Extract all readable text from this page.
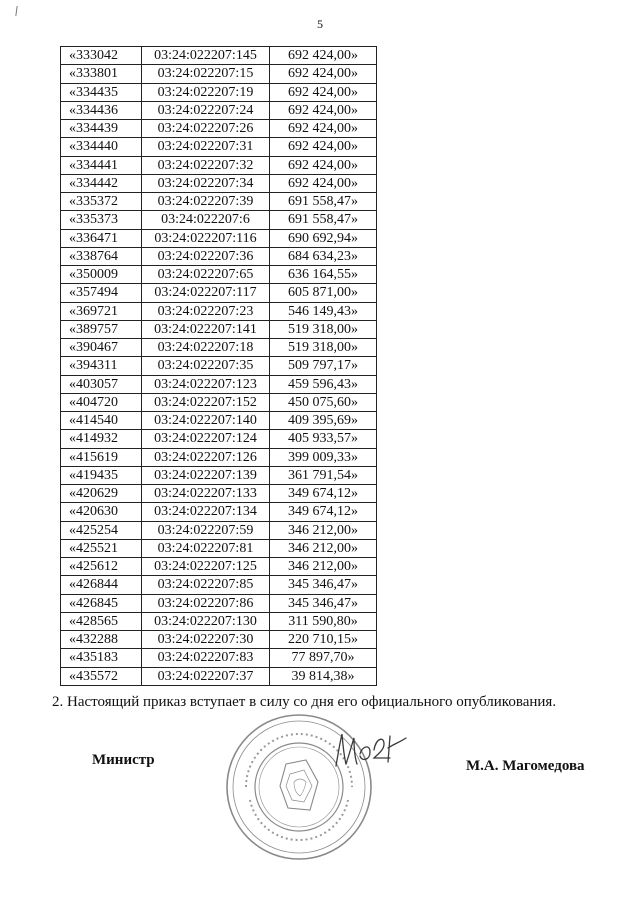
5
«333042	03:24:022207:145	692 424,00»
«333801	03:24:022207:15	692 424,00»
«334435	03:24:022207:19	692 424,00»
«334436	03:24:022207:24	692 424,00»
«334439	03:24:022207:26	692 424,00»
«334440	03:24:022207:31	692 424,00»
«334441	03:24:022207:32	692 424,00»
«334442	03:24:022207:34	692 424,00»
«335372	03:24:022207:39	691 558,47»
«335373	03:24:022207:6	691 558,47»
«336471	03:24:022207:116	690 692,94»
«338764	03:24:022207:36	684 634,23»
«350009	03:24:022207:65	636 164,55»
«357494	03:24:022207:117	605 871,00»
«369721	03:24:022207:23	546 149,43»
«389757	03:24:022207:141	519 318,00»
«390467	03:24:022207:18	519 318,00»
«394311	03:24:022207:35	509 797,17»
«403057	03:24:022207:123	459 596,43»
«404720	03:24:022207:152	450 075,60»
«414540	03:24:022207:140	409 395,69»
«414932	03:24:022207:124	405 933,57»
«415619	03:24:022207:126	399 009,33»
«419435	03:24:022207:139	361 791,54»
«420629	03:24:022207:133	349 674,12»
«420630	03:24:022207:134	349 674,12»
«425254	03:24:022207:59	346 212,00»
«425521	03:24:022207:81	346 212,00»
«425612	03:24:022207:125	346 212,00»
«426844	03:24:022207:85	345 346,47»
«426845	03:24:022207:86	345 346,47»
«428565	03:24:022207:130	311 590,80»
«432288	03:24:022207:30	220 710,15»
«435183	03:24:022207:83	77 897,70»
«435572	03:24:022207:37	39 814,38»
2. Настоящий приказ вступает в силу со дня его официального опубликования.
Министр	М.А. Магомедова
